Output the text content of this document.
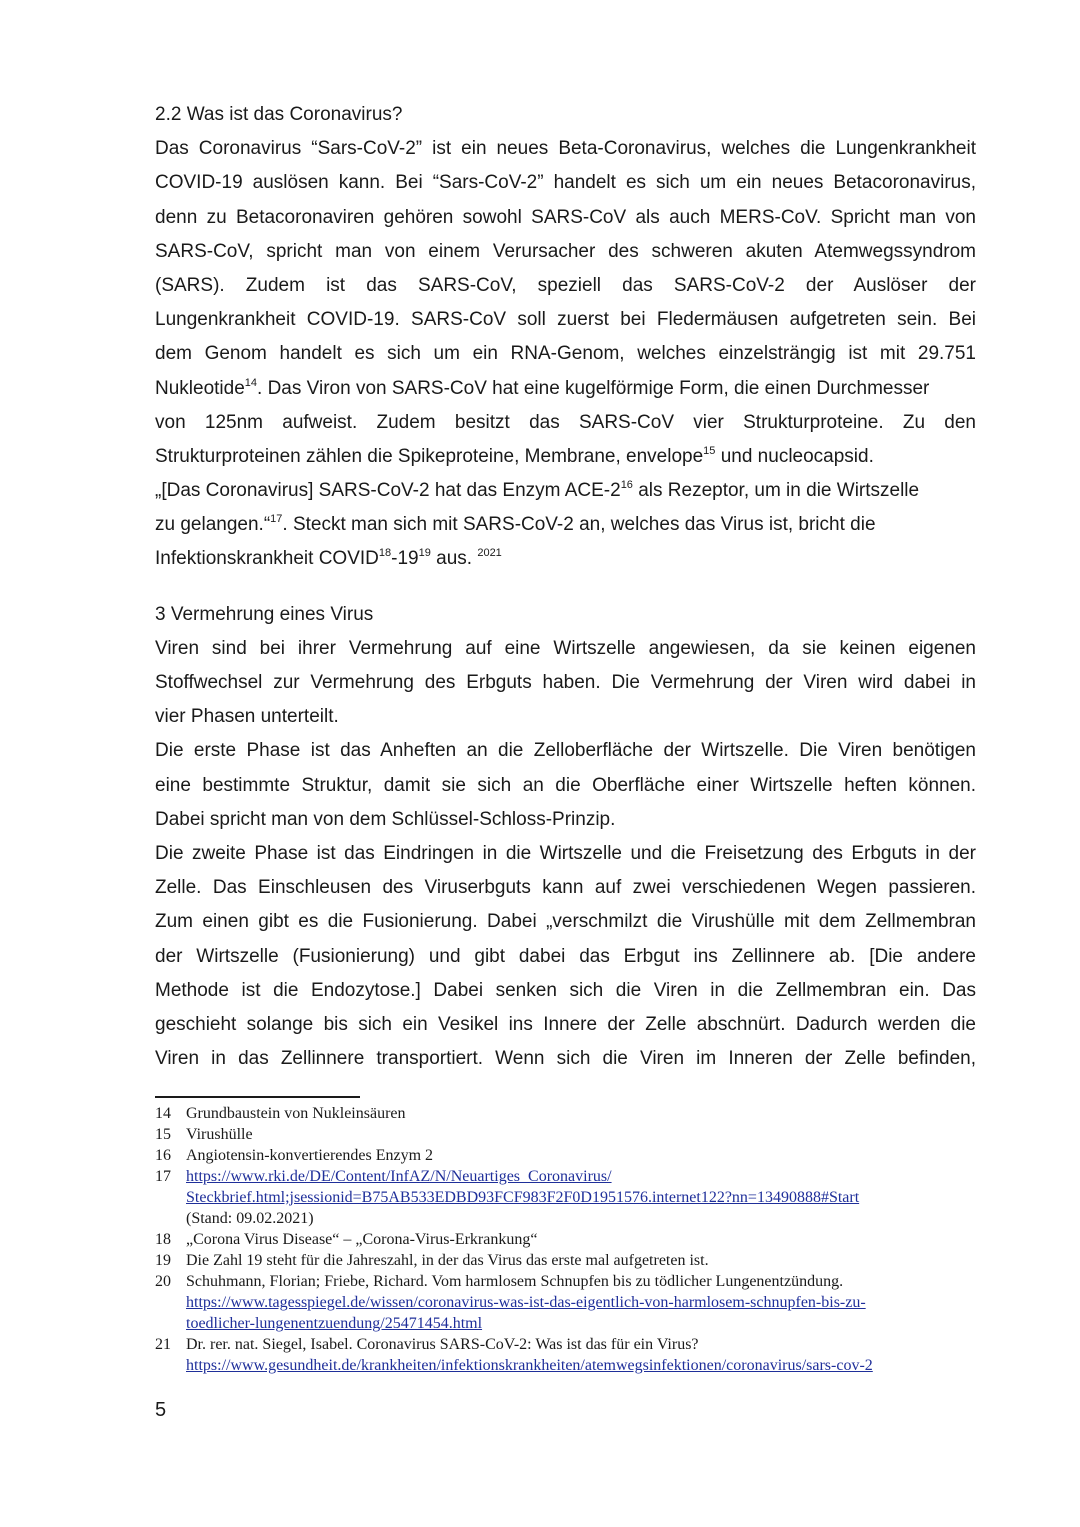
2.2 Was ist das Coronavirus?
Das Coronavirus “Sars-CoV-2” ist ein neues Beta-Coronavirus, welches die Lungenkrankheit
COVID-19 auslösen kann. Bei “Sars-CoV-2” handelt es sich um ein neues Betacoronavirus,
denn zu Betacoronaviren gehören sowohl SARS-CoV als auch MERS-CoV. Spricht man von
SARS-CoV, spricht man von einem Verursacher des schweren akuten Atemwegssyndrom
(SARS). Zudem ist das SARS-CoV, speziell das SARS-CoV-2 der Auslöser der
Lungenkrankheit COVID-19. SARS-CoV soll zuerst bei Fledermäusen aufgetreten sein. Bei
dem Genom handelt es sich um ein RNA-Genom, welches einzelsträngig ist mit 29.751
Nukleotide$^{14}$. Das Viron von SARS-CoV hat eine kugelförmige Form, die einen Durchmesser
von 125nm aufweist. Zudem besitzt das SARS-CoV vier Strukturproteine. Zu den
Strukturproteinen zählen die Spikeproteine, Membrane, envelope$^{15}$ und nucleocapsid.
„[Das Coronavirus] SARS-CoV-2 hat das Enzym ACE-$2^{16}$ als Rezeptor, um in die Wirtszelle
zu gelangen.“$^{17}$. Steckt man sich mit SARS-CoV-2 an, welches das Virus ist, bricht die
Infektionskrankheit $COVID^{18}-19^{19}$ aus. $^{2021}$
3 Vermehrung eines Virus
Viren sind bei ihrer Vermehrung auf eine Wirtszelle angewiesen, da sie keinen eigenen
Stoffwechsel zur Vermehrung des Erbguts haben. Die Vermehrung der Viren wird dabei in
vier Phasen unterteilt.
Die erste Phase ist das Anheften an die Zelloberfläche der Wirtszelle. Die Viren benötigen
eine bestimmte Struktur, damit sie sich an die Oberfläche einer Wirtszelle heften können.
Dabei spricht man von dem Schlüssel-Schloss-Prinzip.
Die zweite Phase ist das Eindringen in die Wirtszelle und die Freisetzung des Erbguts in der
Zelle. Das Einschleusen des Viruserbguts kann auf zwei verschiedenen Wegen passieren.
Zum einen gibt es die Fusionierung. Dabei „verschmilzt die Virushülle mit dem Zellmembran
der Wirtszelle (Fusionierung) und gibt dabei das Erbgut ins Zellinnere ab. [Die andere
Methode ist die Endozytose.] Dabei senken sich die Viren in die Zellmembran ein. Das
geschieht solange bis sich ein Vesikel ins Innere der Zelle abschnürt. Dadurch werden die
Viren in das Zellinnere transportiert. Wenn sich die Viren im Inneren der Zelle befinden,
14 Grundbaustein von Nukleinsäuren
15 Virushülle
16 Angiotensin-konvertierendes Enzym 2
17 https://www.rki.de/DE/Content/InfAZ/N/Neuartiges_Coronavirus/
Steckbrief.html;jsessionid=B75AB533EDBD93FCF983F2F0D1951576.internet122?nn=13490888#Start
(Stand: 09.02.2021)
18 „Corona Virus Disease“ – „Corona-Virus-Erkrankung“
19 Die Zahl 19 steht für die Jahreszahl, in der das Virus das erste mal aufgetreten ist.
20 Schuhmann, Florian; Friebe, Richard. Vom harmlosem Schnupfen bis zu tödlicher Lungenentzündung.
https://www.tagesspiegel.de/wissen/coronavirus-was-ist-das-eigentlich-von-harmlosem-schnupfen-bis-zu-
toedlicher-lungenentzuendung/25471454.html
21 Dr. rer. nat. Siegel, Isabel. Coronavirus SARS-CoV-2: Was ist das für ein Virus?
https://www.gesundheit.de/krankheiten/infektionskrankheiten/atemwegsinfektionen/coronavirus/sars-cov-2
5
